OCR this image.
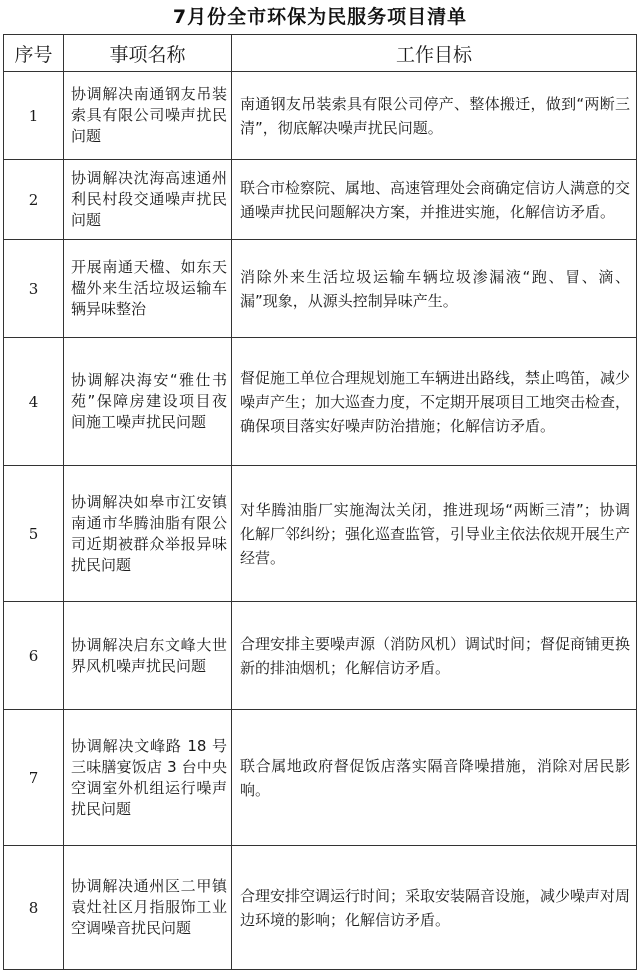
7月份全市环保为民服务项目清单
序号	事项名称	工作目标
1	协调解决南通钢友吊装索具有限公司噪声扰民问题	南通钢友吊装索具有限公司停产、整体搬迁，做到“两断三清”，彻底解决噪声扰民问题。
2	协调解决沈海高速通州利民村段交通噪声扰民问题	联合市检察院、属地、高速管理处会商确定信访人满意的交通噪声扰民问题解决方案，并推进实施，化解信访矛盾。
3	开展南通天楹、如东天楹外来生活垃圾运输车辆异味整治	消除外来生活垃圾运输车辆垃圾渗漏液“跑、冒、滴、漏”现象，从源头控制异味产生。
4	协调解决海安“雅仕书苑”保障房建设项目夜间施工噪声扰民问题	督促施工单位合理规划施工车辆进出路线，禁止鸣笛，减少噪声产生；加大巡查力度，不定期开展项目工地突击检查，确保项目落实好噪声防治措施；化解信访矛盾。
5	协调解决如皋市江安镇南通市华腾油脂有限公司近期被群众举报异味扰民问题	对华腾油脂厂实施淘汰关闭，推进现场“两断三清”；协调化解厂邻纠纷；强化巡查监管，引导业主依法依规开展生产经营。
6	协调解决启东文峰大世界风机噪声扰民问题	合理安排主要噪声源（消防风机）调试时间；督促商铺更换新的排油烟机；化解信访矛盾。
7	协调解决文峰路 18 号三味膳宴饭店 3 台中央空调室外机组运行噪声扰民问题	联合属地政府督促饭店落实隔音降噪措施，消除对居民影响。
8	协调解决通州区二甲镇袁灶社区月指服饰工业空调噪音扰民问题	合理安排空调运行时间；采取安装隔音设施，减少噪声对周边环境的影响；化解信访矛盾。
